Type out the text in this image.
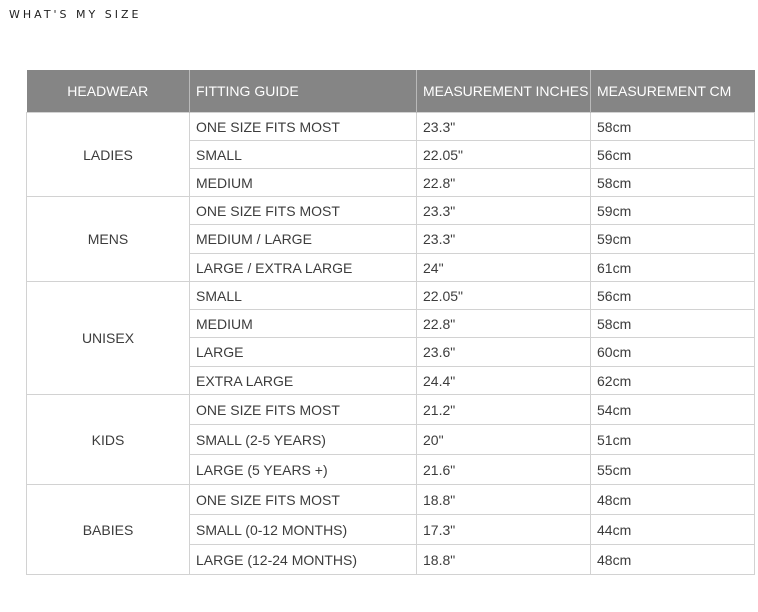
WHAT'S MY SIZE
HEADWEAR	FITTING GUIDE	MEASUREMENT INCHES	MEASUREMENT CM
LADIES	ONE SIZE FITS MOST	23.3"	58cm
	SMALL	22.05"	56cm
	MEDIUM	22.8"	58cm
MENS	ONE SIZE FITS MOST	23.3"	59cm
	MEDIUM / LARGE	23.3"	59cm
	LARGE / EXTRA LARGE	24"	61cm
UNISEX	SMALL	22.05"	56cm
	MEDIUM	22.8"	58cm
	LARGE	23.6"	60cm
	EXTRA LARGE	24.4"	62cm
KIDS	ONE SIZE FITS MOST	21.2"	54cm
	SMALL (2-5 YEARS)	20"	51cm
	LARGE (5 YEARS +)	21.6"	55cm
BABIES	ONE SIZE FITS MOST	18.8"	48cm
	SMALL (0-12 MONTHS)	17.3"	44cm
	LARGE (12-24 MONTHS)	18.8"	48cm
